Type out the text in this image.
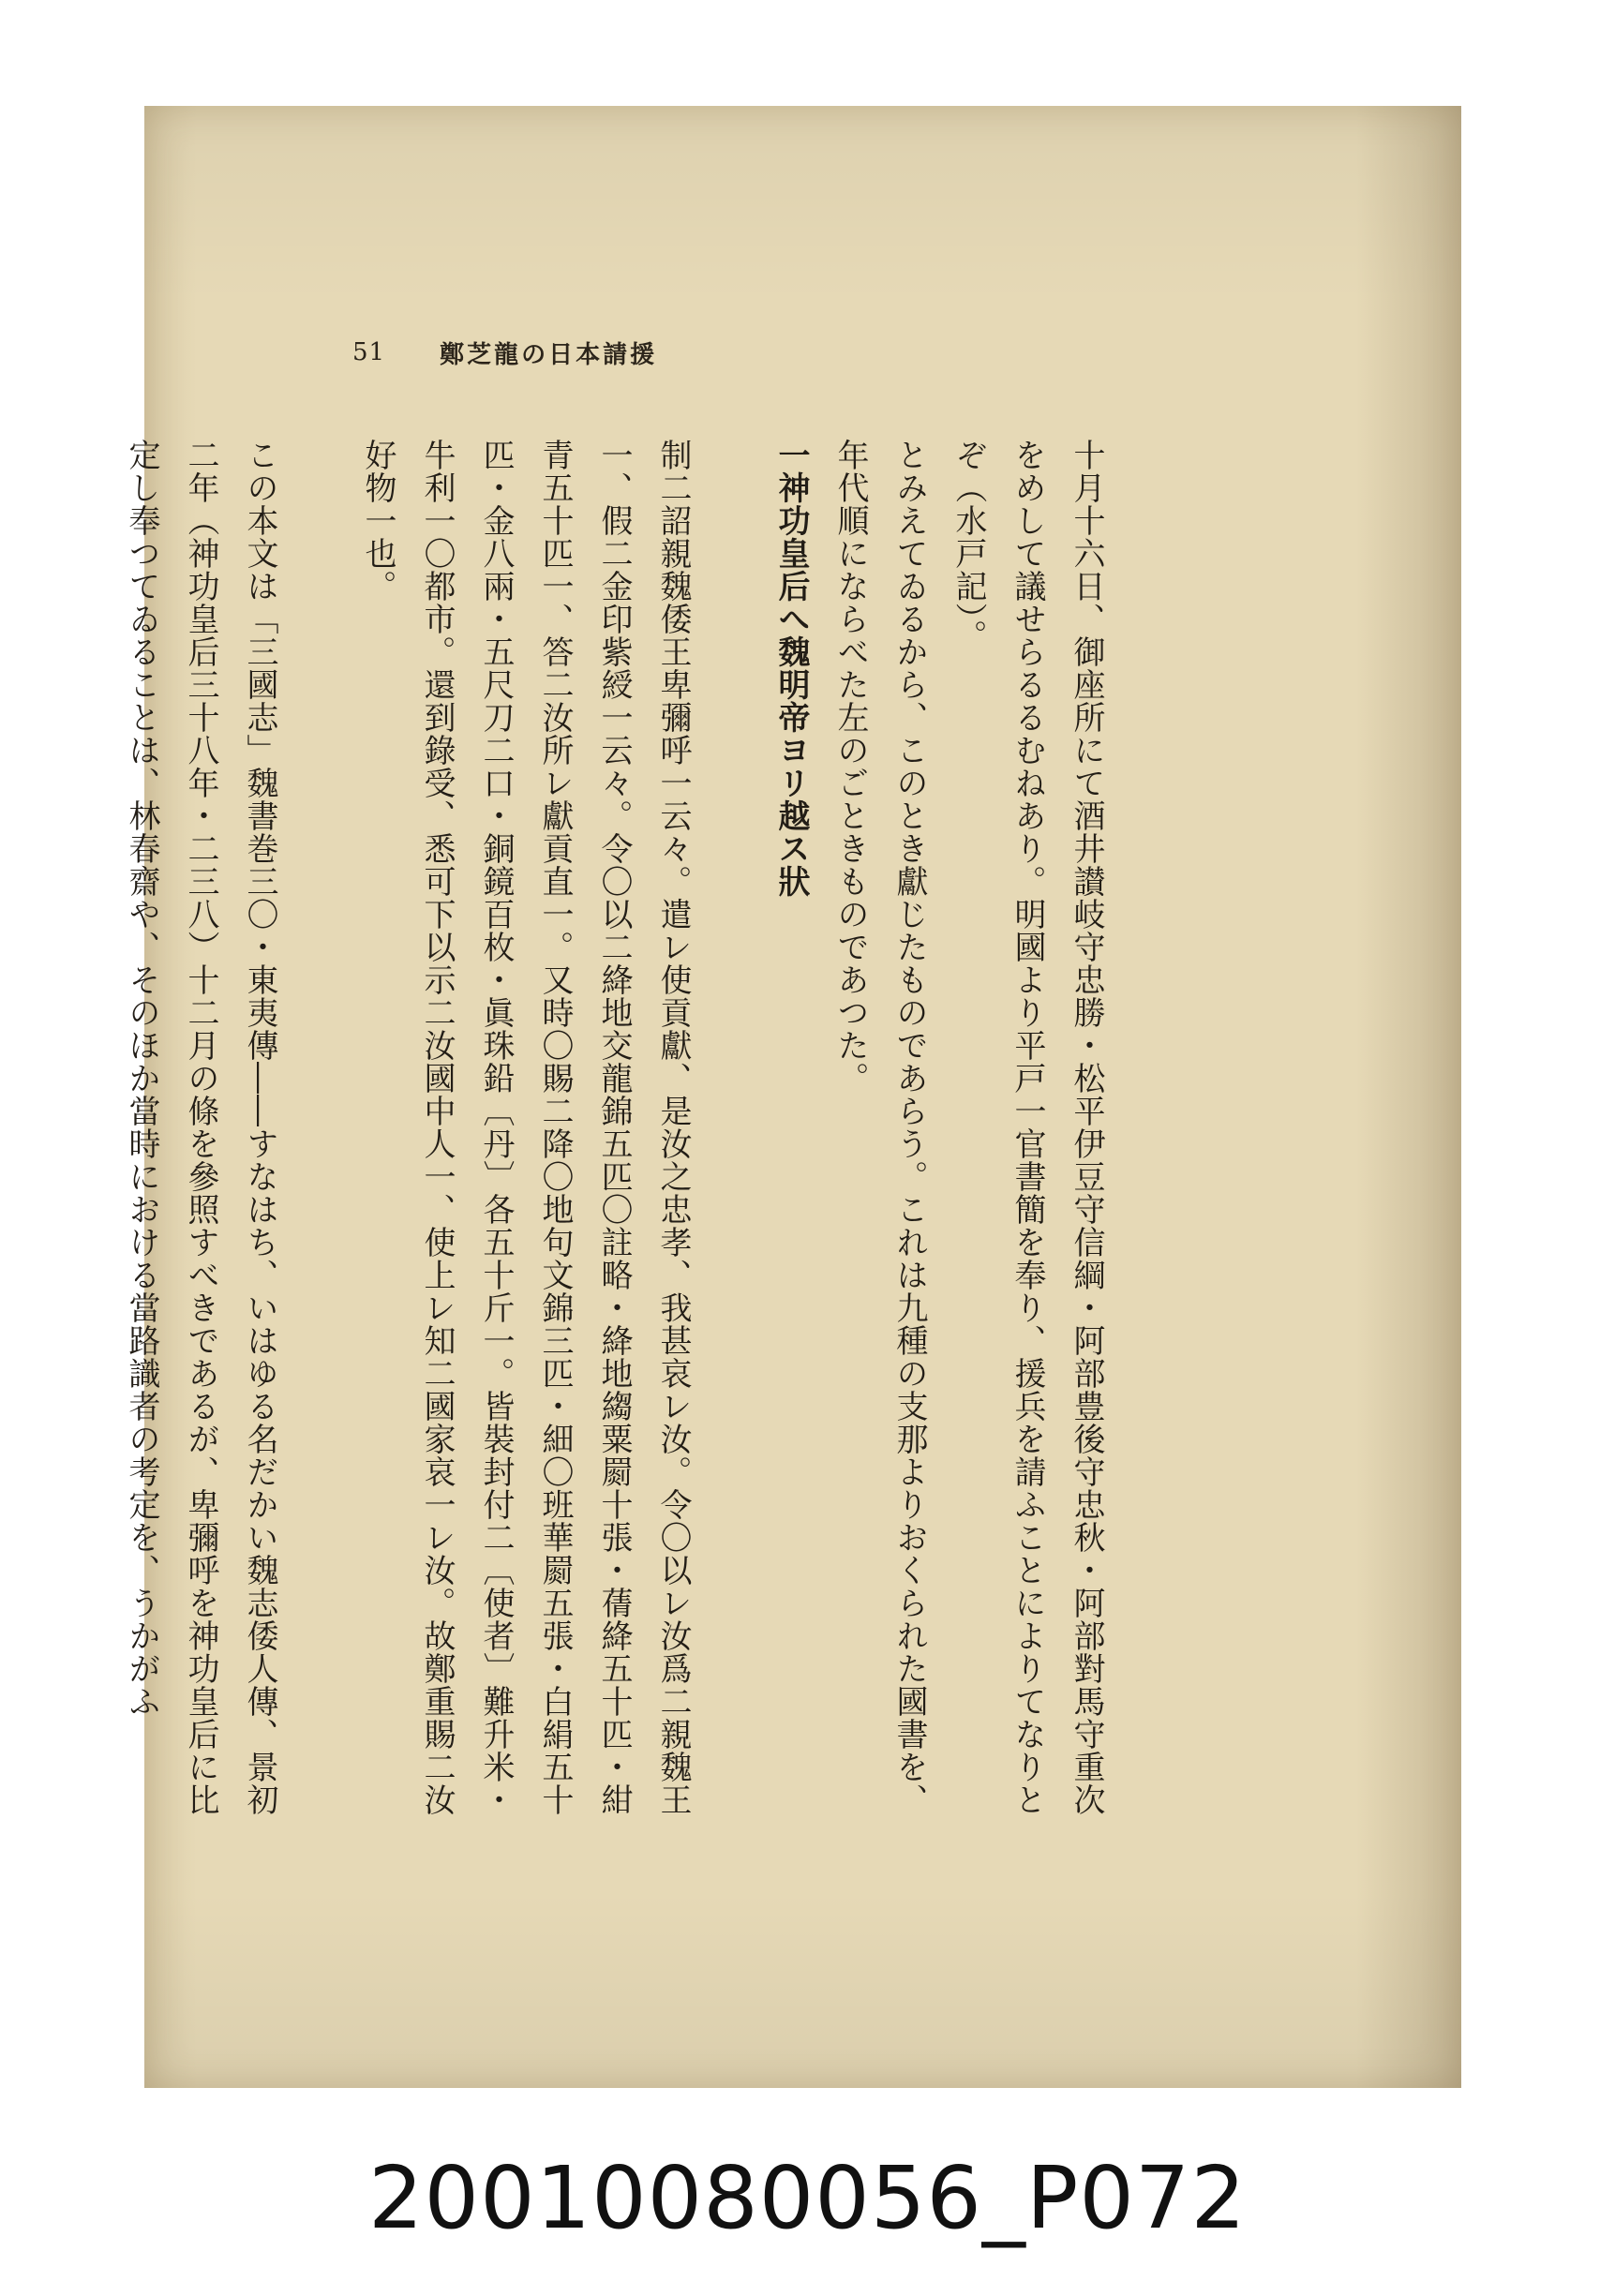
51 鄭芝龍の日本請援

十月十六日、御座所にて酒井讃岐守忠勝・松平伊豆守信綱・阿部豊後守忠秋・阿部對馬守重次をめして議せらるるむねあり。明國より平戸一官書簡を奉り、援兵を請ふことによりてなりとぞ（水戸記）。

とみえてゐるから、このとき獻じたものであらう。これは九種の支那よりおくられた國書を、年代順にならべた左のごときものであつた。

一神功皇后へ魏明帝ヨリ越ス狀

制二詔親魏倭王卑彌呼一云々。遣レ使貢獻、是汝之忠孝、我甚哀レ汝。令〇以レ汝爲二親魏王一、假二金印紫綬一云々。令〇以二絳地交龍錦五匹〇註略・絳地縐粟罽十張・蒨絳五十匹・紺青五十匹一、答二汝所レ獻貢直一。又時〇賜二降〇地句文錦三匹・細〇班華罽五張・白絹五十匹・金八兩・五尺刀二口・銅鏡百枚・眞珠鉛〔丹〕各五十斤一。皆裝封付二〔使者〕難升米・牛利一〇都市。還到錄受、悉可下以示二汝國中人一、使上レ知二國家哀一レ汝。故鄭重賜二汝好物一也。

この本文は「三國志」魏書巻三〇・東夷傳――すなはち、いはゆる名だかい魏志倭人傳、景初二年（神功皇后三十八年・二三八）十二月の條を參照すべきであるが、卑彌呼を神功皇后に比定し奉つてゐることは、林春齋や、そのほか當時における當路識者の考定を、うかがふ

20010080056_P072
